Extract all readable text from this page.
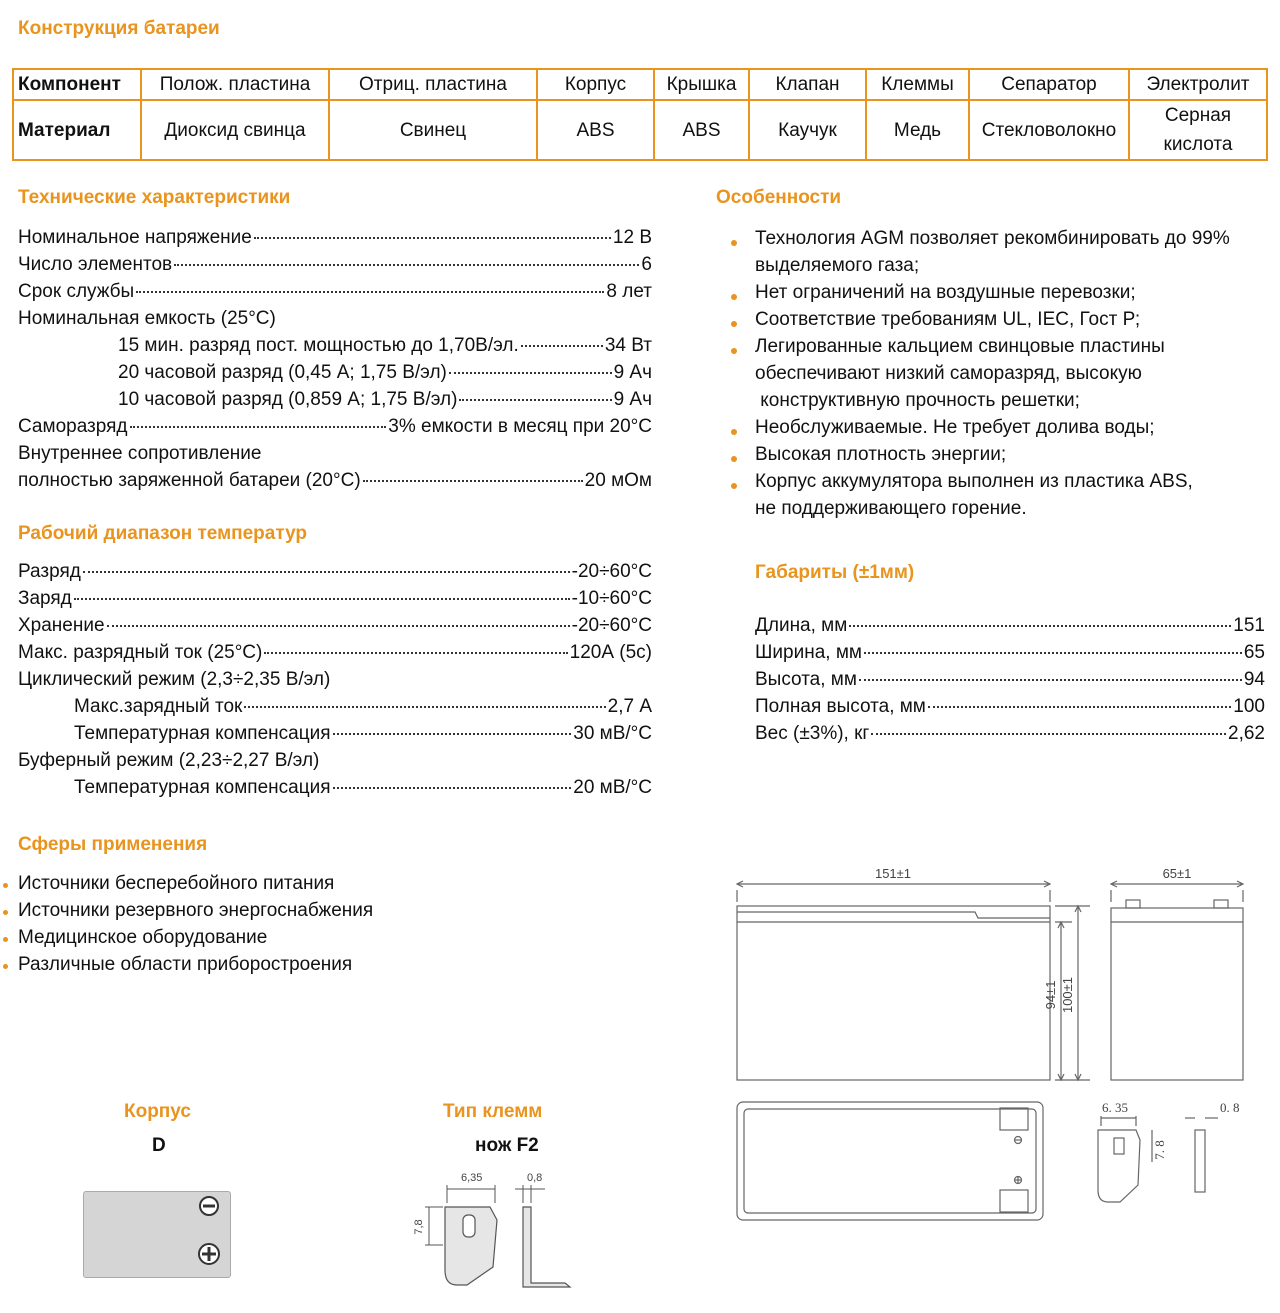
Конструкция батареи
Компонент	Полож. пластина	Отриц. пластина	Корпус	Крышка	Клапан	Клеммы	Сепаратор	Электролит
Материал	Диоксид свинца	Свинец	ABS	ABS	Каучук	Медь	Стекловолокно	Серная кислота
Технические характеристики
Номинальное напряжение	12 В
Число элементов	6
Срок службы	8 лет
Номинальная емкость (25°С)
15 мин. разряд пост. мощностью до 1,70В/эл.	34 Вт
20 часовой разряд (0,45 А; 1,75 В/эл)	9 Ач
10 часовой разряд (0,859 А; 1,75 В/эл)	9 Ач
Саморазряд	3% емкости в месяц при 20°С
Внутреннее сопротивление
полностью заряженной батареи (20°С)	20 мОм
Рабочий диапазон температур
Разряд	-20÷60°С
Заряд	-10÷60°С
Хранение	-20÷60°С
Макс. разрядный ток (25°С)	120А (5с)
Циклический режим (2,3÷2,35 В/эл)
Макс.зарядный ток	2,7 А
Температурная компенсация	30 мВ/°С
Буферный режим (2,23÷2,27 В/эл)
Температурная компенсация	20 мВ/°С
Сферы применения
Источники бесперебойного питания
Источники резервного энергоснабжения
Медицинское оборудование
Различные области приборостроения
Особенности
Технология AGM позволяет рекомбинировать до 99%
выделяемого газа;
Нет ограничений на воздушные перевозки;
Соответствие требованиям UL, IEC, Гост Р;
Легированные кальцием свинцовые пластины
обеспечивают низкий саморазряд, высокую
конструктивную прочность решетки;
Необслуживаемые. Не требует долива воды;
Высокая плотность энергии;
Корпус аккумулятора выполнен из пластика ABS,
не поддерживающего горение.
Габариты (±1мм)
Длина, мм	151
Ширина, мм	65
Высота, мм	94
Полная высота, мм	100
Вес (±3%), кг	2,62
151±1	65±1
94±1 100±1
6. 35
7. 8
0. 8
Корпус
D
Тип клемм
нож F2
6,35	0,8
7,8
